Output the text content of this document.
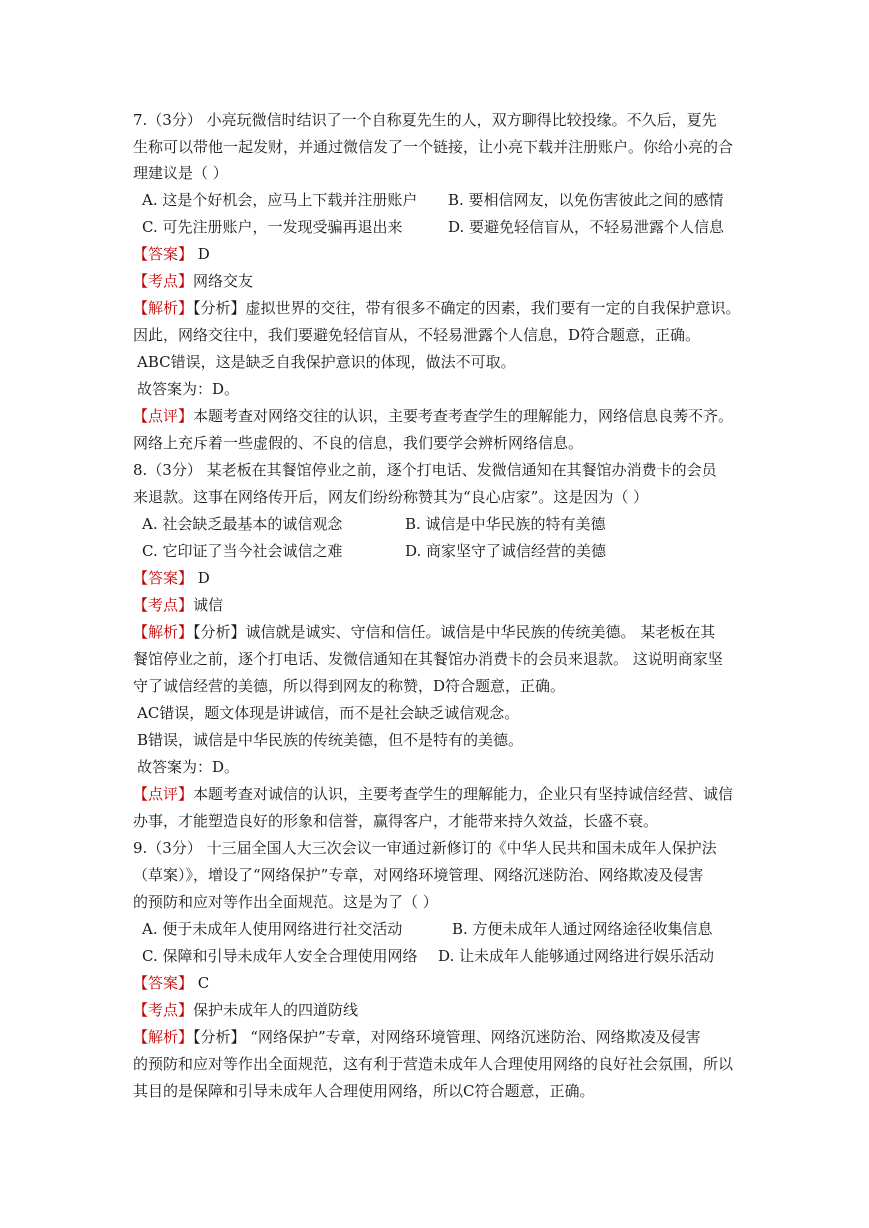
7.（3分） 小亮玩微信时结识了一个自称夏先生的人，双方聊得比较投缘。不久后，夏先
生称可以带他一起发财，并通过微信发了一个链接，让小亮下载并注册账户。你给小亮的合
理建议是（ ）
A. 这是个好机会，应马上下载并注册账户 B. 要相信网友，以免伤害彼此之间的感情
C. 可先注册账户，一发现受骗再退出来	D. 要避免轻信盲从，不轻易泄露个人信息
【答案】 D
【考点】网络交友
【解析】【分析】虚拟世界的交往，带有很多不确定的因素，我们要有一定的自我保护意识。
因此，网络交往中，我们要避免轻信盲从，不轻易泄露个人信息，D符合题意，正确。
ABC错误，这是缺乏自我保护意识的体现，做法不可取。
故答案为：D。
【点评】本题考查对网络交往的认识，主要考查考查学生的理解能力，网络信息良莠不齐。
网络上充斥着一些虚假的、不良的信息，我们要学会辨析网络信息。
8.（3分） 某老板在其餐馆停业之前，逐个打电话、发微信通知在其餐馆办消费卡的会员
来退款。这事在网络传开后，网友们纷纷称赞其为“良心店家”。这是因为（ ）
A. 社会缺乏最基本的诚信观念	B. 诚信是中华民族的特有美德
C. 它印证了当今社会诚信之难	D. 商家坚守了诚信经营的美德
【答案】 D
【考点】诚信
【解析】【分析】诚信就是诚实、守信和信任。诚信是中华民族的传统美德。 某老板在其
餐馆停业之前，逐个打电话、发微信通知在其餐馆办消费卡的会员来退款。 这说明商家坚
守了诚信经营的美德，所以得到网友的称赞，D符合题意，正确。
AC错误，题文体现是讲诚信，而不是社会缺乏诚信观念。
B错误，诚信是中华民族的传统美德，但不是特有的美德。
故答案为：D。
【点评】本题考查对诚信的认识，主要考查学生的理解能力，企业只有坚持诚信经营、诚信
办事，才能塑造良好的形象和信誉，赢得客户，才能带来持久效益，长盛不衰。
9.（3分） 十三届全国人大三次会议一审通过新修订的《中华人民共和国未成年人保护法
（草案）》，增设了“网络保护”专章，对网络环境管理、网络沉迷防治、网络欺凌及侵害
的预防和应对等作出全面规范。这是为了（ ）
A. 便于未成年人使用网络进行社交活动	B. 方便未成年人通过网络途径收集信息
C. 保障和引导未成年人安全合理使用网络 D. 让未成年人能够通过网络进行娱乐活动
【答案】 C
【考点】保护未成年人的四道防线
【解析】【分析】 “网络保护”专章，对网络环境管理、网络沉迷防治、网络欺凌及侵害
的预防和应对等作出全面规范，这有利于营造未成年人合理使用网络的良好社会氛围，所以
其目的是保障和引导未成年人合理使用网络，所以C符合题意，正确。
